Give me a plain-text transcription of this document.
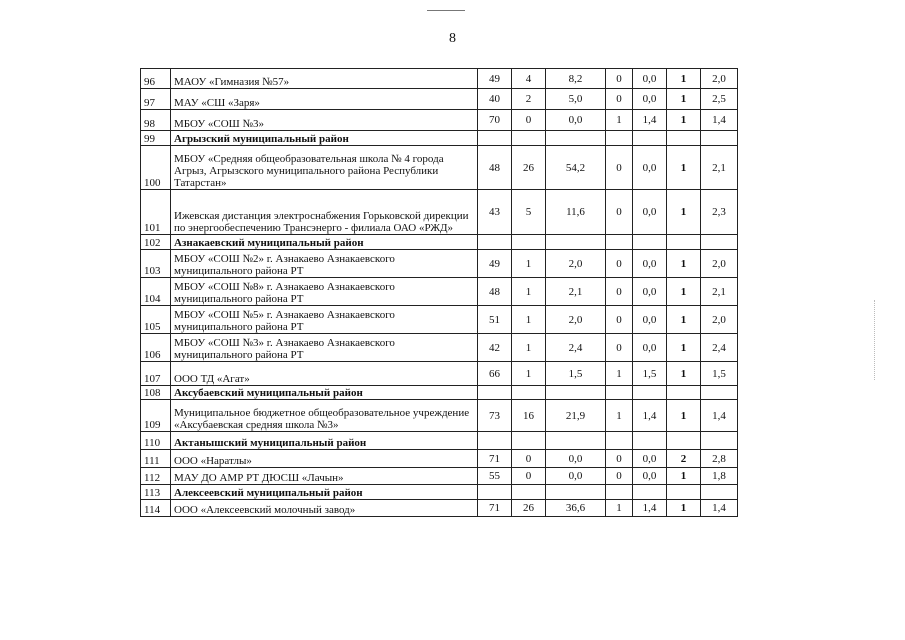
8
96	МАОУ «Гимназия №57»	49	4	8,2	0	0,0	1	2,0
97	МАУ «СШ «Заря»	40	2	5,0	0	0,0	1	2,5
98	МБОУ «СОШ №3»	70	0	0,0	1	1,4	1	1,4
99	Агрызский муниципальный район							
100	МБОУ «Средняя общеобразовательная школа № 4 города Агрыз, Агрызского муниципального района Республики Татарстан»	48	26	54,2	0	0,0	1	2,1
101	Ижевская дистанция электроснабжения Горьковской дирекции по энергообеспечению Трансэнерго - филиала ОАО «РЖД»	43	5	11,6	0	0,0	1	2,3
102	Азнакаевский муниципальный район							
103	МБОУ «СОШ №2» г. Азнакаево Азнакаевского муниципального района РТ	49	1	2,0	0	0,0	1	2,0
104	МБОУ «СОШ №8» г. Азнакаево Азнакаевского муниципального района РТ	48	1	2,1	0	0,0	1	2,1
105	МБОУ «СОШ №5» г. Азнакаево Азнакаевского муниципального района РТ	51	1	2,0	0	0,0	1	2,0
106	МБОУ «СОШ №3» г. Азнакаево Азнакаевского муниципального района РТ	42	1	2,4	0	0,0	1	2,4
107	ООО ТД «Агат»	66	1	1,5	1	1,5	1	1,5
108	Аксубаевский муниципальный район							
109	Муниципальное бюджетное общеобразовательное учреждение «Аксубаевская средняя школа №3»	73	16	21,9	1	1,4	1	1,4
110	Актанышский муниципальный район							
111	ООО «Наратлы»	71	0	0,0	0	0,0	2	2,8
112	МАУ ДО АМР РТ ДЮСШ «Лачын»	55	0	0,0	0	0,0	1	1,8
113	Алексеевский муниципальный район							
114	ООО «Алексеевский молочный завод»	71	26	36,6	1	1,4	1	1,4
